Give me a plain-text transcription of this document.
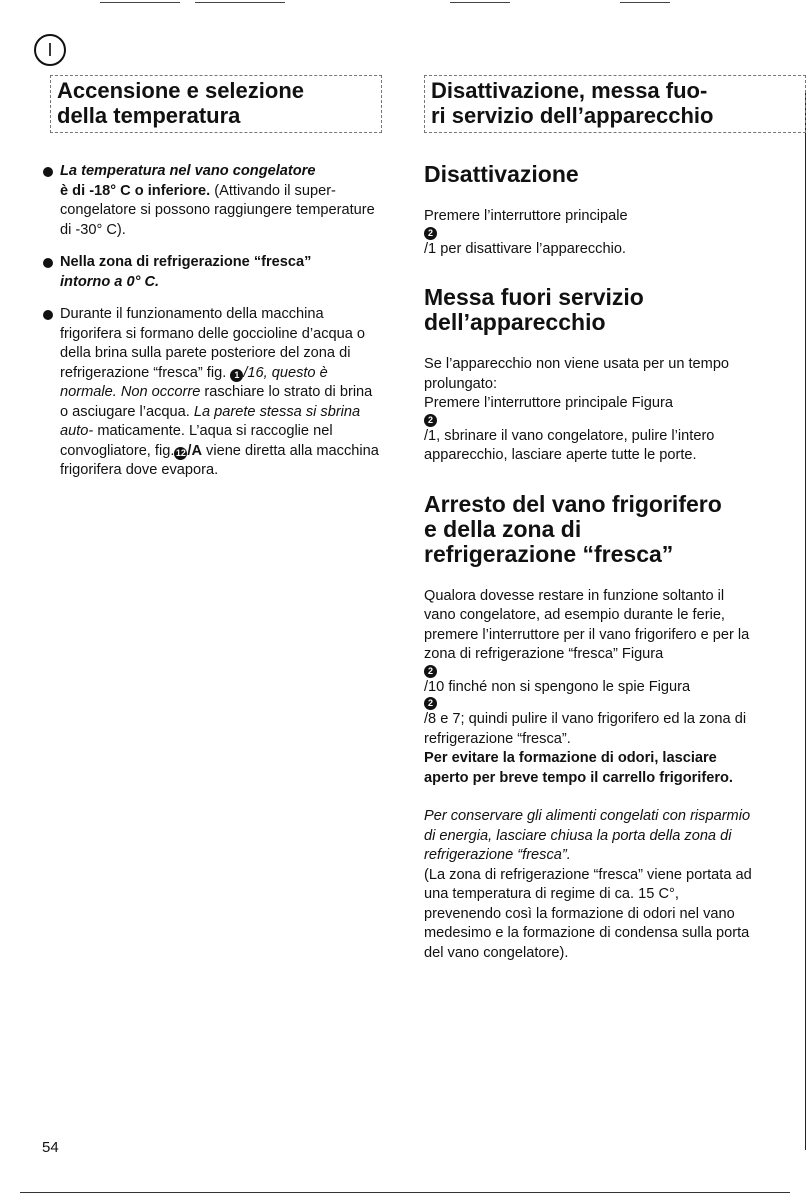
I
Accensione e selezione
della temperatura
La temperatura nel vano congelatore
è di -18° C o inferiore. (Attivando il super-congelatore si possono raggiungere temperature di -30° C).
Nella zona di refrigerazione “fresca”
intorno a 0° C.
Durante il funzionamento della macchina frigorifera si formano delle goccioline d’acqua o della brina sulla parete posteriore del zona di refrigerazione “fresca” fig. 1 /16, questo è normale. Non occorre raschiare lo strato di brina o asciugare l’acqua. La parete stessa si sbrina auto- maticamente. L’aqua si raccoglie nel convogliatore, fig.12 /A viene diretta alla macchina frigorifera dove evapora.
Disattivazione, messa fuo-
ri servizio dell’apparecchio
Disattivazione

Premere l’interruttore principale
2
/1 per disattivare l’apparecchio.

Messa fuori servizio
dell’apparecchio

Se l’apparecchio non viene usata per un tempo prolungato:
Premere l’interruttore principale Figura
2
/1, sbrinare il vano congelatore, pulire l’intero apparecchio, lasciare aperte tutte le porte.

Arresto del vano frigorifero
e della zona di
refrigerazione “fresca”

Qualora dovesse restare in funzione soltanto il vano congelatore, ad esempio durante le ferie, premere l’interruttore per il vano frigorifero e per la zona di refrigerazione “fresca” Figura
2
/10 finché non si spengono le spie Figura
2
/8 e 7; quindi pulire il vano frigorifero ed la zona di refrigerazione “fresca”.
Per evitare la formazione di odori, lasciare aperto per breve tempo il carrello frigorifero.

Per conservare gli alimenti congelati con risparmio di energia, lasciare chiusa la porta della zona di refrigerazione “fresca”.
(La zona di refrigerazione “fresca” viene portata ad una temperatura di regime di ca. 15 C°, prevenendo così la formazione di odori nel vano medesimo e la formazione di condensa sulla porta del vano congelatore).

54
